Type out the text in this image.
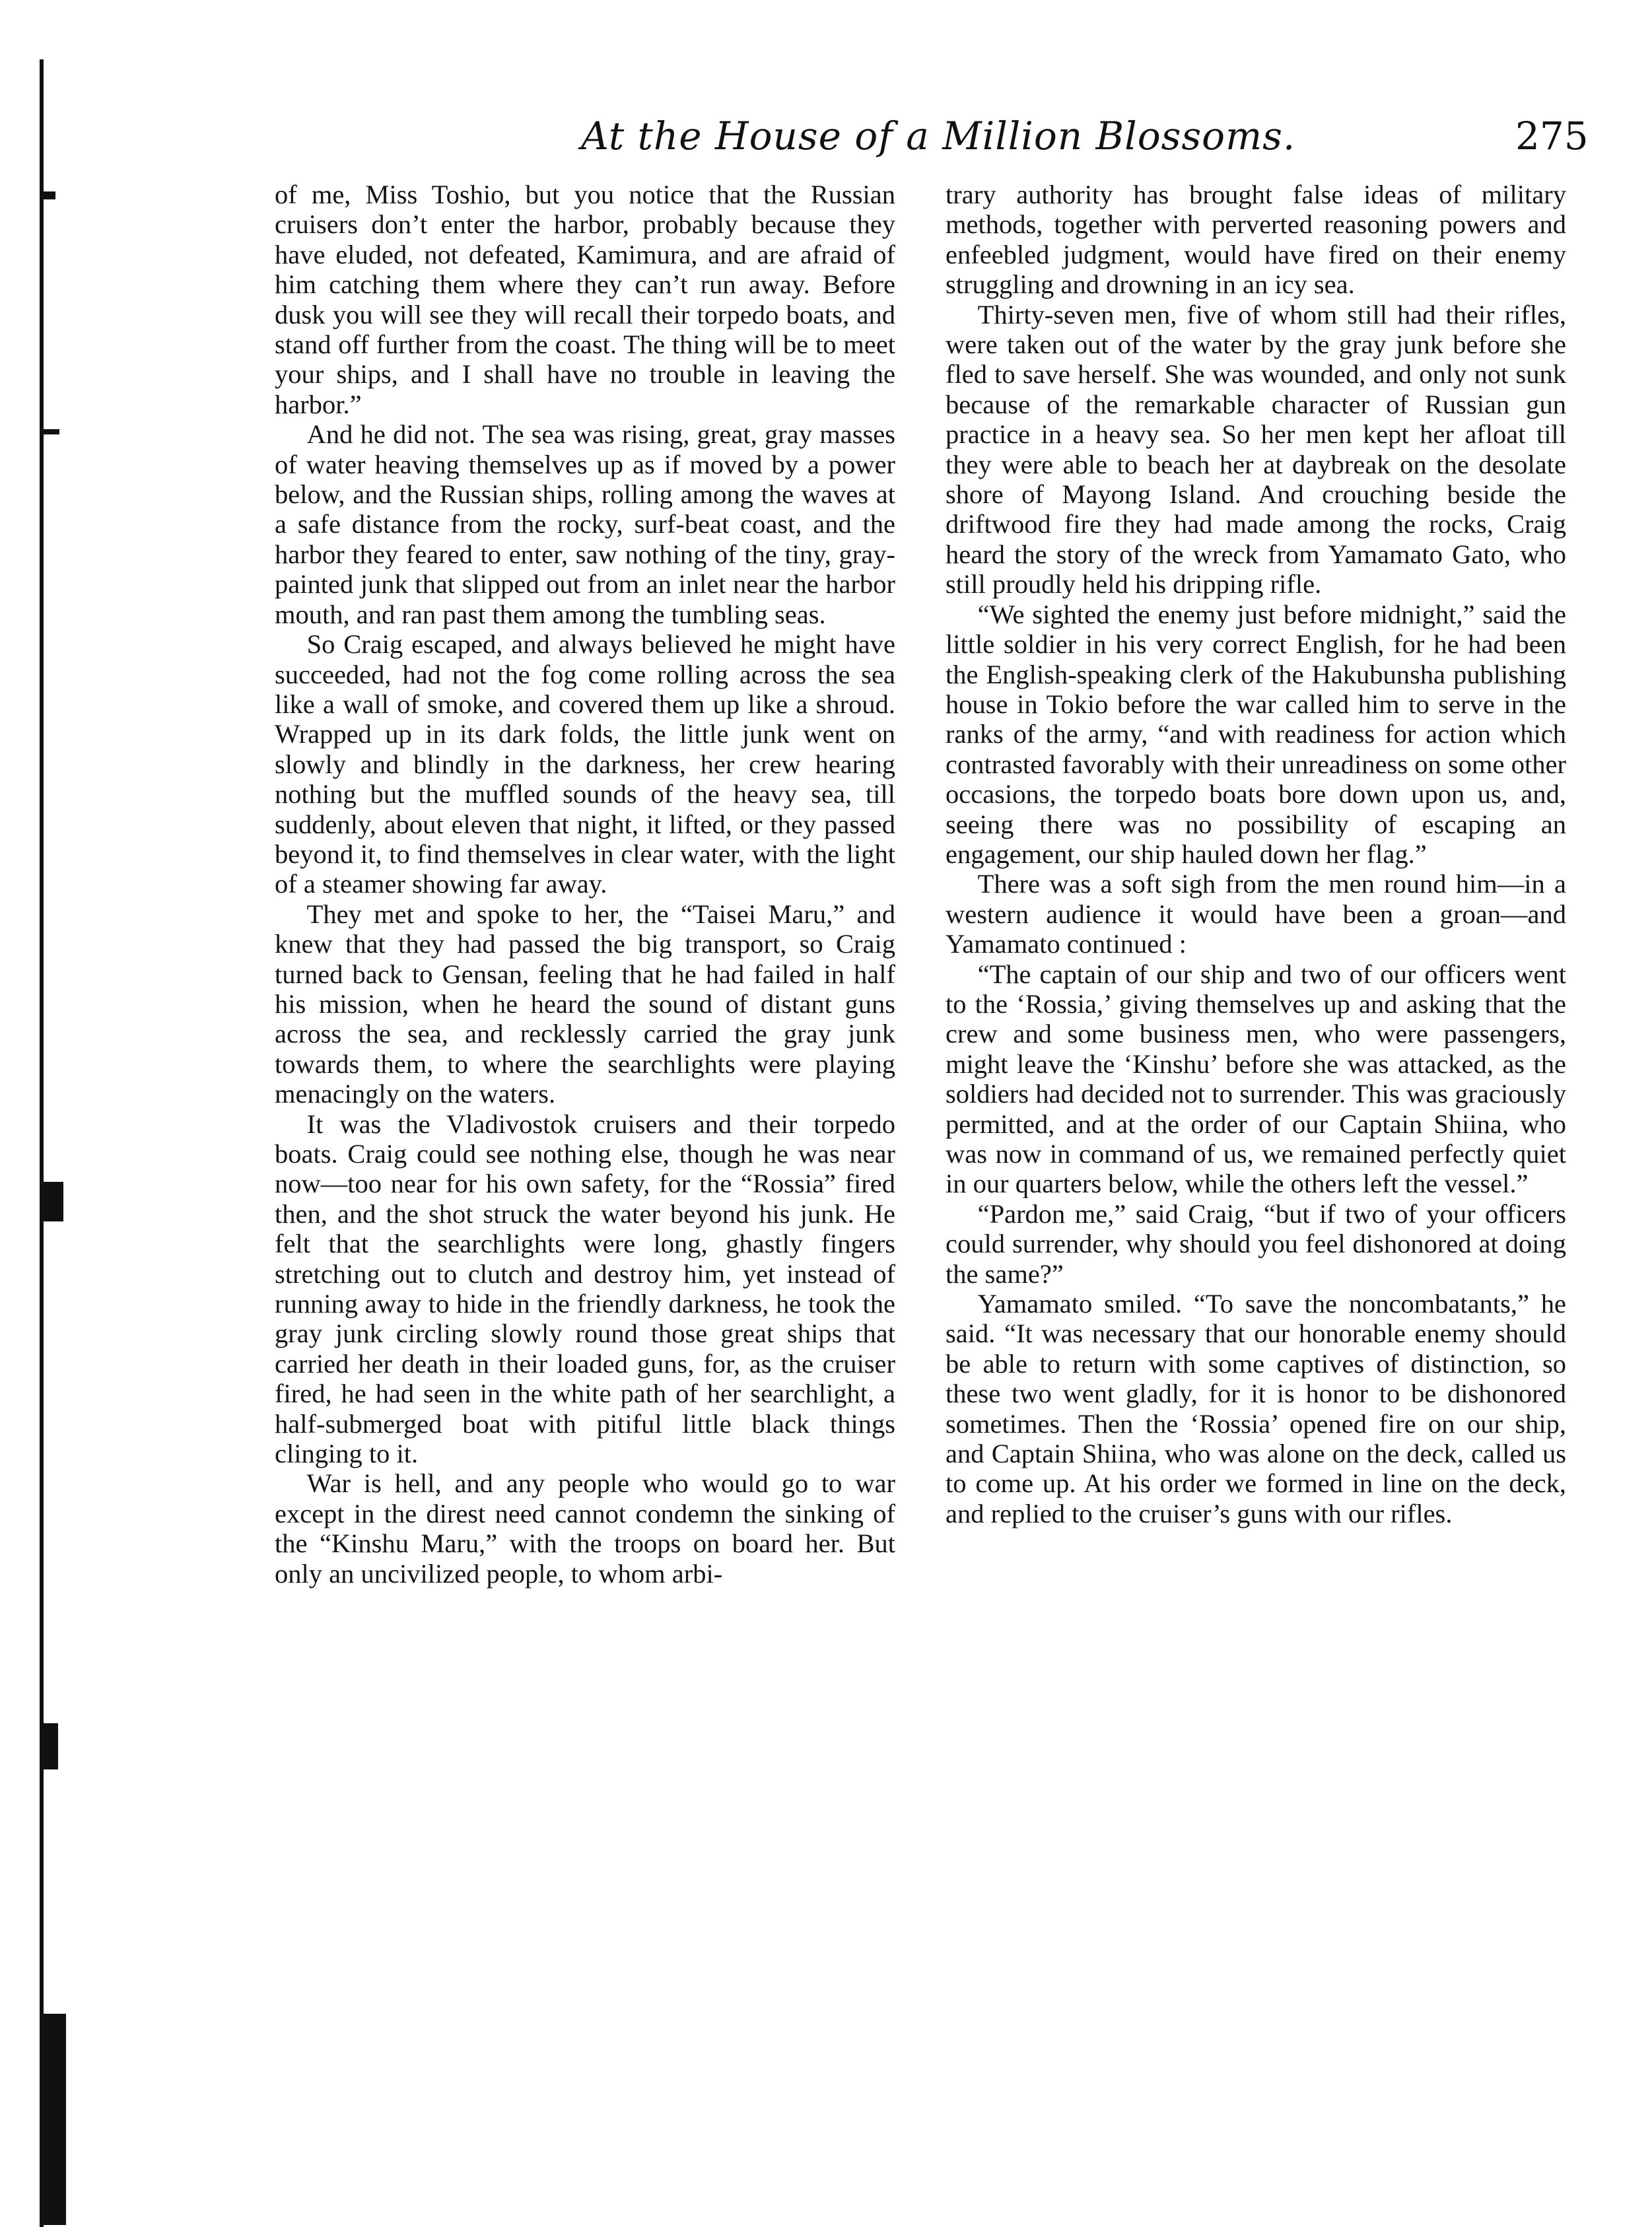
At the House of a Million Blossoms.	275

of me, Miss Toshio, but you notice that the Russian cruisers don’t enter the harbor, probably because they have eluded, not defeated, Kamimura, and are afraid of him catching them where they can’t run away. Before dusk you will see they will recall their torpedo boats, and stand off further from the coast. The thing will be to meet your ships, and I shall have no trouble in leaving the harbor.”

And he did not. The sea was rising, great, gray masses of water heaving themselves up as if moved by a power below, and the Russian ships, rolling among the waves at a safe distance from the rocky, surf-beat coast, and the harbor they feared to enter, saw nothing of the tiny, gray-painted junk that slipped out from an inlet near the harbor mouth, and ran past them among the tumbling seas.

So Craig escaped, and always believed he might have succeeded, had not the fog come rolling across the sea like a wall of smoke, and covered them up like a shroud. Wrapped up in its dark folds, the little junk went on slowly and blindly in the darkness, her crew hearing nothing but the muffled sounds of the heavy sea, till suddenly, about eleven that night, it lifted, or they passed beyond it, to find themselves in clear water, with the light of a steamer showing far away.

They met and spoke to her, the “Taisei Maru,” and knew that they had passed the big transport, so Craig turned back to Gensan, feeling that he had failed in half his mission, when he heard the sound of distant guns across the sea, and recklessly carried the gray junk towards them, to where the searchlights were playing menacingly on the waters.

It was the Vladivostok cruisers and their torpedo boats. Craig could see nothing else, though he was near now—too near for his own safety, for the “Rossia” fired then, and the shot struck the water beyond his junk. He felt that the searchlights were long, ghastly fingers stretching out to clutch and destroy him, yet instead of running away to hide in the friendly darkness, he took the gray junk circling slowly round those great ships that carried her death in their loaded guns, for, as the cruiser fired, he had seen in the white path of her searchlight, a half-submerged boat with pitiful little black things clinging to it.

War is hell, and any people who would go to war except in the direst need cannot condemn the sinking of the “Kinshu Maru,” with the troops on board her. But only an uncivilized people, to whom arbi-

trary authority has brought false ideas of military methods, together with perverted reasoning powers and enfeebled judgment, would have fired on their enemy struggling and drowning in an icy sea.

Thirty-seven men, five of whom still had their rifles, were taken out of the water by the gray junk before she fled to save herself. She was wounded, and only not sunk because of the remarkable character of Russian gun practice in a heavy sea. So her men kept her afloat till they were able to beach her at daybreak on the desolate shore of Mayong Island. And crouching beside the driftwood fire they had made among the rocks, Craig heard the story of the wreck from Yamamato Gato, who still proudly held his dripping rifle.

“We sighted the enemy just before midnight,” said the little soldier in his very correct English, for he had been the English-speaking clerk of the Hakubunsha publishing house in Tokio before the war called him to serve in the ranks of the army, “and with readiness for action which contrasted favorably with their unreadiness on some other occasions, the torpedo boats bore down upon us, and, seeing there was no possibility of escaping an engagement, our ship hauled down her flag.”

There was a soft sigh from the men round him—in a western audience it would have been a groan—and Yamamato continued :

“The captain of our ship and two of our officers went to the ‘Rossia,’ giving themselves up and asking that the crew and some business men, who were passengers, might leave the ‘Kinshu’ before she was attacked, as the soldiers had decided not to surrender. This was graciously permitted, and at the order of our Captain Shiina, who was now in command of us, we remained perfectly quiet in our quarters below, while the others left the vessel.”

“Pardon me,” said Craig, “but if two of your officers could surrender, why should you feel dishonored at doing the same?”

Yamamato smiled. “To save the noncombatants,” he said. “It was necessary that our honorable enemy should be able to return with some captives of distinction, so these two went gladly, for it is honor to be dishonored sometimes. Then the ‘Rossia’ opened fire on our ship, and Captain Shiina, who was alone on the deck, called us to come up. At his order we formed in line on the deck, and replied to the cruiser’s guns with our rifles.
